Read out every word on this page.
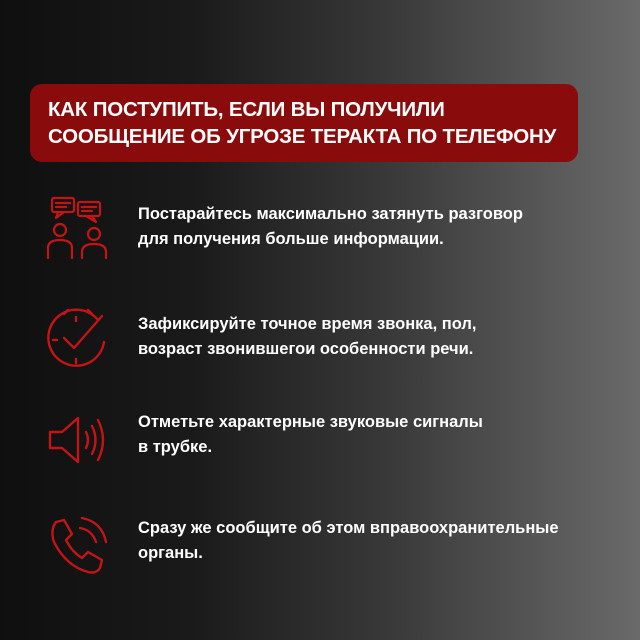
КАК ПОСТУПИТЬ, ЕСЛИ ВЫ ПОЛУЧИЛИ
СООБЩЕНИЕ ОБ УГРОЗЕ ТЕРАКТА ПО ТЕЛЕФОНУ
Постарайтесь максимально затянуть разговор
для получения больше информации.
Зафиксируйте точное время звонка, пол,
возраст звонившегои особенности речи.
Отметьте характерные звуковые сигналы
в трубке.
Сразу же сообщите об этом вправоохранительные
органы.
